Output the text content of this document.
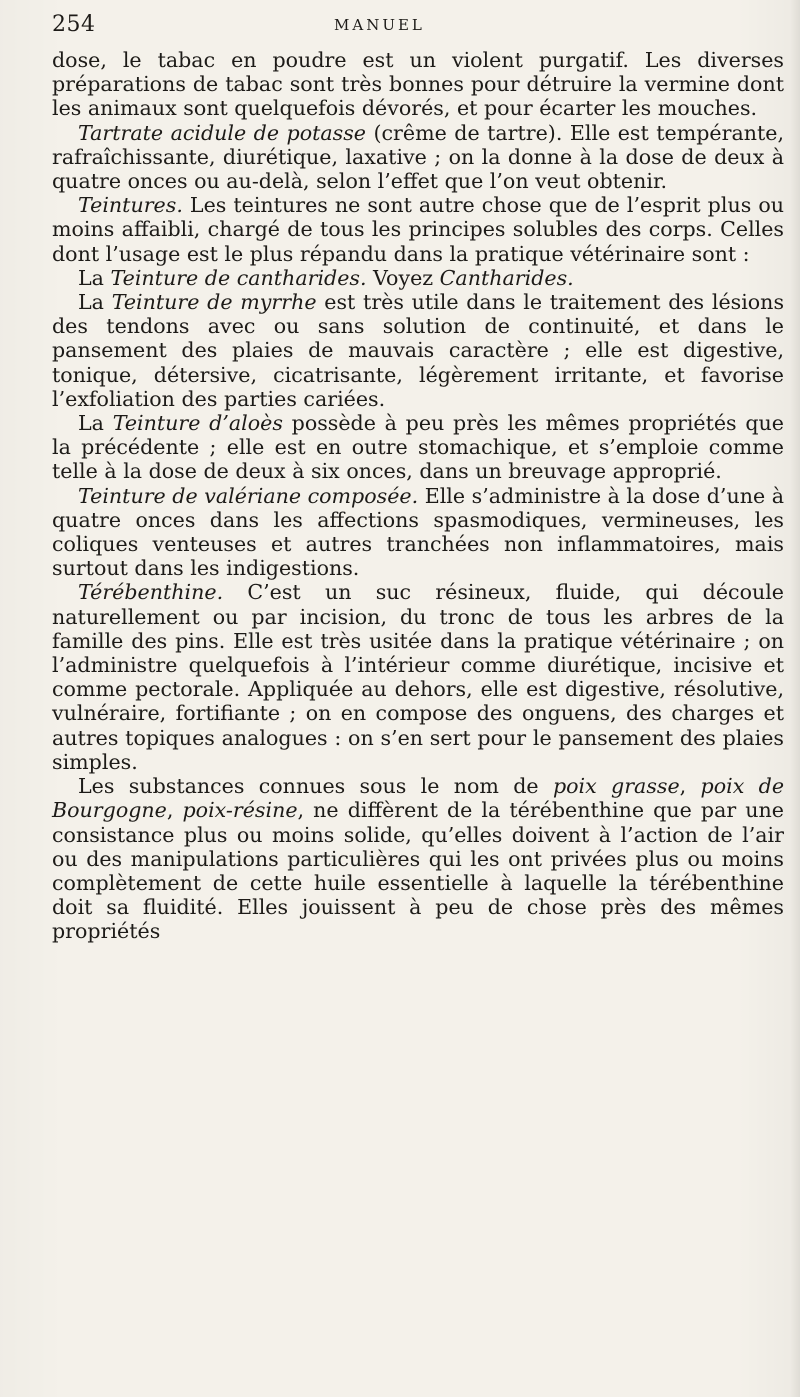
254	MANUEL

dose, le tabac en poudre est un violent purgatif. Les diverses préparations de tabac sont très bonnes pour détruire la vermine dont les animaux sont quelquefois dévorés, et pour écarter les mouches.

Tartrate acidule de potasse (crême de tartre). Elle est tempérante, rafraîchissante, diurétique, laxative ; on la donne à la dose de deux à quatre onces ou au-delà, selon l’effet que l’on veut obtenir.

Teintures. Les teintures ne sont autre chose que de l’esprit plus ou moins affaibli, chargé de tous les principes solubles des corps. Celles dont l’usage est le plus répandu dans la pratique vétérinaire sont :

La Teinture de cantharides. Voyez Cantharides.

La Teinture de myrrhe est très utile dans le traitement des lésions des tendons avec ou sans solution de continuité, et dans le pansement des plaies de mauvais caractère ; elle est digestive, tonique, détersive, cicatrisante, légèrement irritante, et favorise l’exfoliation des parties cariées.

La Teinture d’aloès possède à peu près les mêmes propriétés que la précédente ; elle est en outre stomachique, et s’emploie comme telle à la dose de deux à six onces, dans un breuvage approprié.

Teinture de valériane composée. Elle s’administre à la dose d’une à quatre onces dans les affections spasmodiques, vermineuses, les coliques venteuses et autres tranchées non inflammatoires, mais surtout dans les indigestions.

Térébenthine. C’est un suc résineux, fluide, qui découle naturellement ou par incision, du tronc de tous les arbres de la famille des pins. Elle est très usitée dans la pratique vétérinaire ; on l’administre quelquefois à l’intérieur comme diurétique, incisive et comme pectorale. Appliquée au dehors, elle est digestive, résolutive, vulnéraire, fortifiante ; on en compose des onguens, des charges et autres topiques analogues : on s’en sert pour le pansement des plaies simples.

Les substances connues sous le nom de poix grasse, poix de Bourgogne, poix-résine, ne diffèrent de la térébenthine que par une consistance plus ou moins solide, qu’elles doivent à l’action de l’air ou des manipulations particulières qui les ont privées plus ou moins complètement de cette huile essentielle à laquelle la térébenthine doit sa fluidité. Elles jouissent à peu de chose près des mêmes propriétés
